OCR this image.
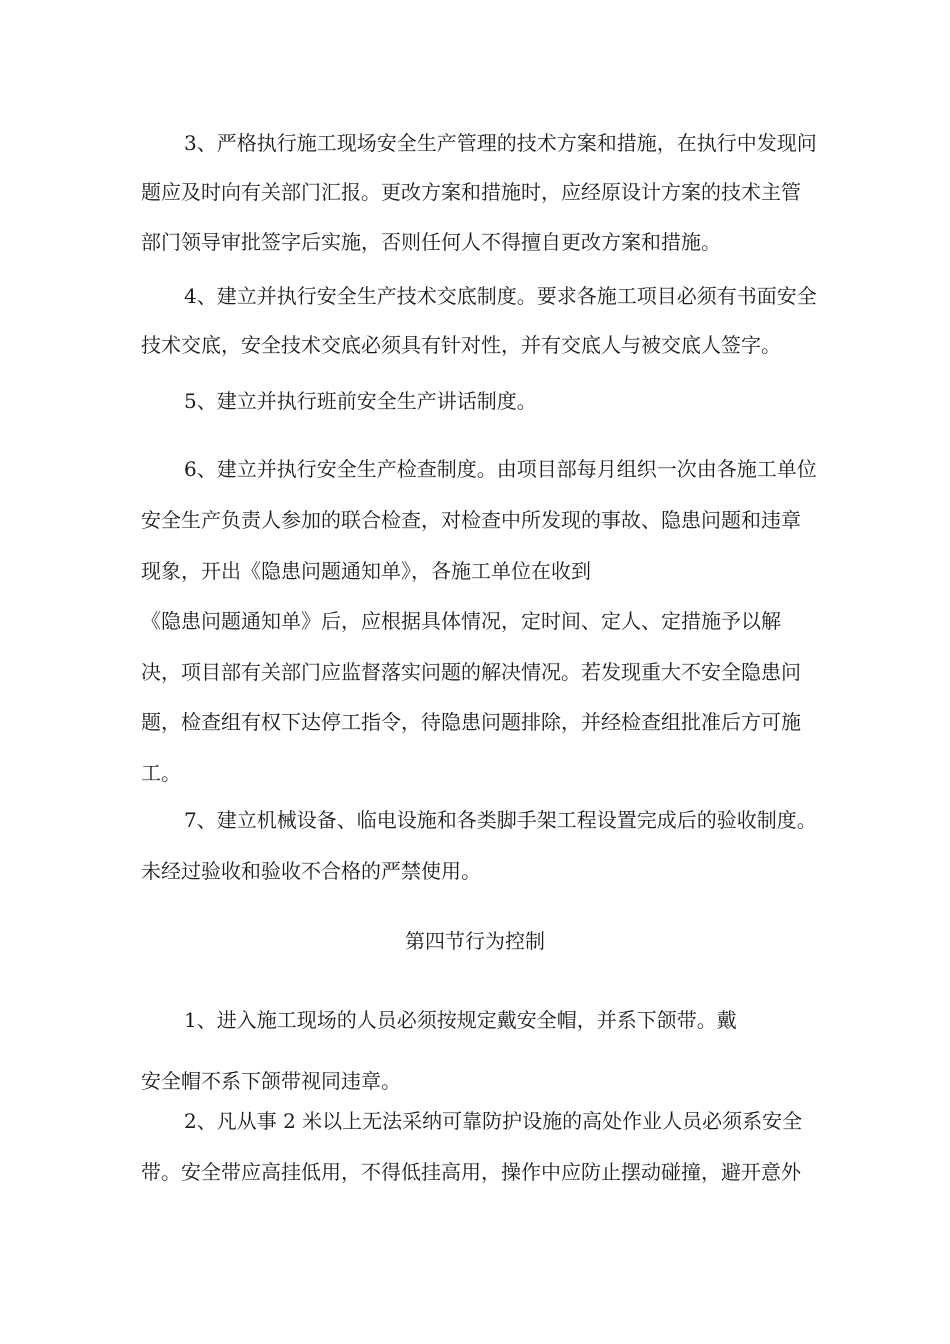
3、严格执行施工现场安全生产管理的技术方案和措施，在执行中发现问
题应及时向有关部门汇报。更改方案和措施时，应经原设计方案的技术主管
部门领导审批签字后实施，否则任何人不得擅自更改方案和措施。
4、建立并执行安全生产技术交底制度。要求各施工项目必须有书面安全
技术交底，安全技术交底必须具有针对性，并有交底人与被交底人签字。
5、建立并执行班前安全生产讲话制度。
6、建立并执行安全生产检查制度。由项目部每月组织一次由各施工单位
安全生产负责人参加的联合检查，对检查中所发现的事故、隐患问题和违章
现象，开出《隐患问题通知单》，各施工单位在收到
《隐患问题通知单》后，应根据具体情况，定时间、定人、定措施予以解
决，项目部有关部门应监督落实问题的解决情况。若发现重大不安全隐患问
题，检查组有权下达停工指令，待隐患问题排除，并经检查组批准后方可施
工。
7、建立机械设备、临电设施和各类脚手架工程设置完成后的验收制度。
未经过验收和验收不合格的严禁使用。
第四节行为控制
1、进入施工现场的人员必须按规定戴安全帽，并系下颌带。戴
安全帽不系下颌带视同违章。
2、凡从事 2 米以上无法采纳可靠防护设施的高处作业人员必须系安全
带。安全带应高挂低用，不得低挂高用，操作中应防止摆动碰撞，避开意外
